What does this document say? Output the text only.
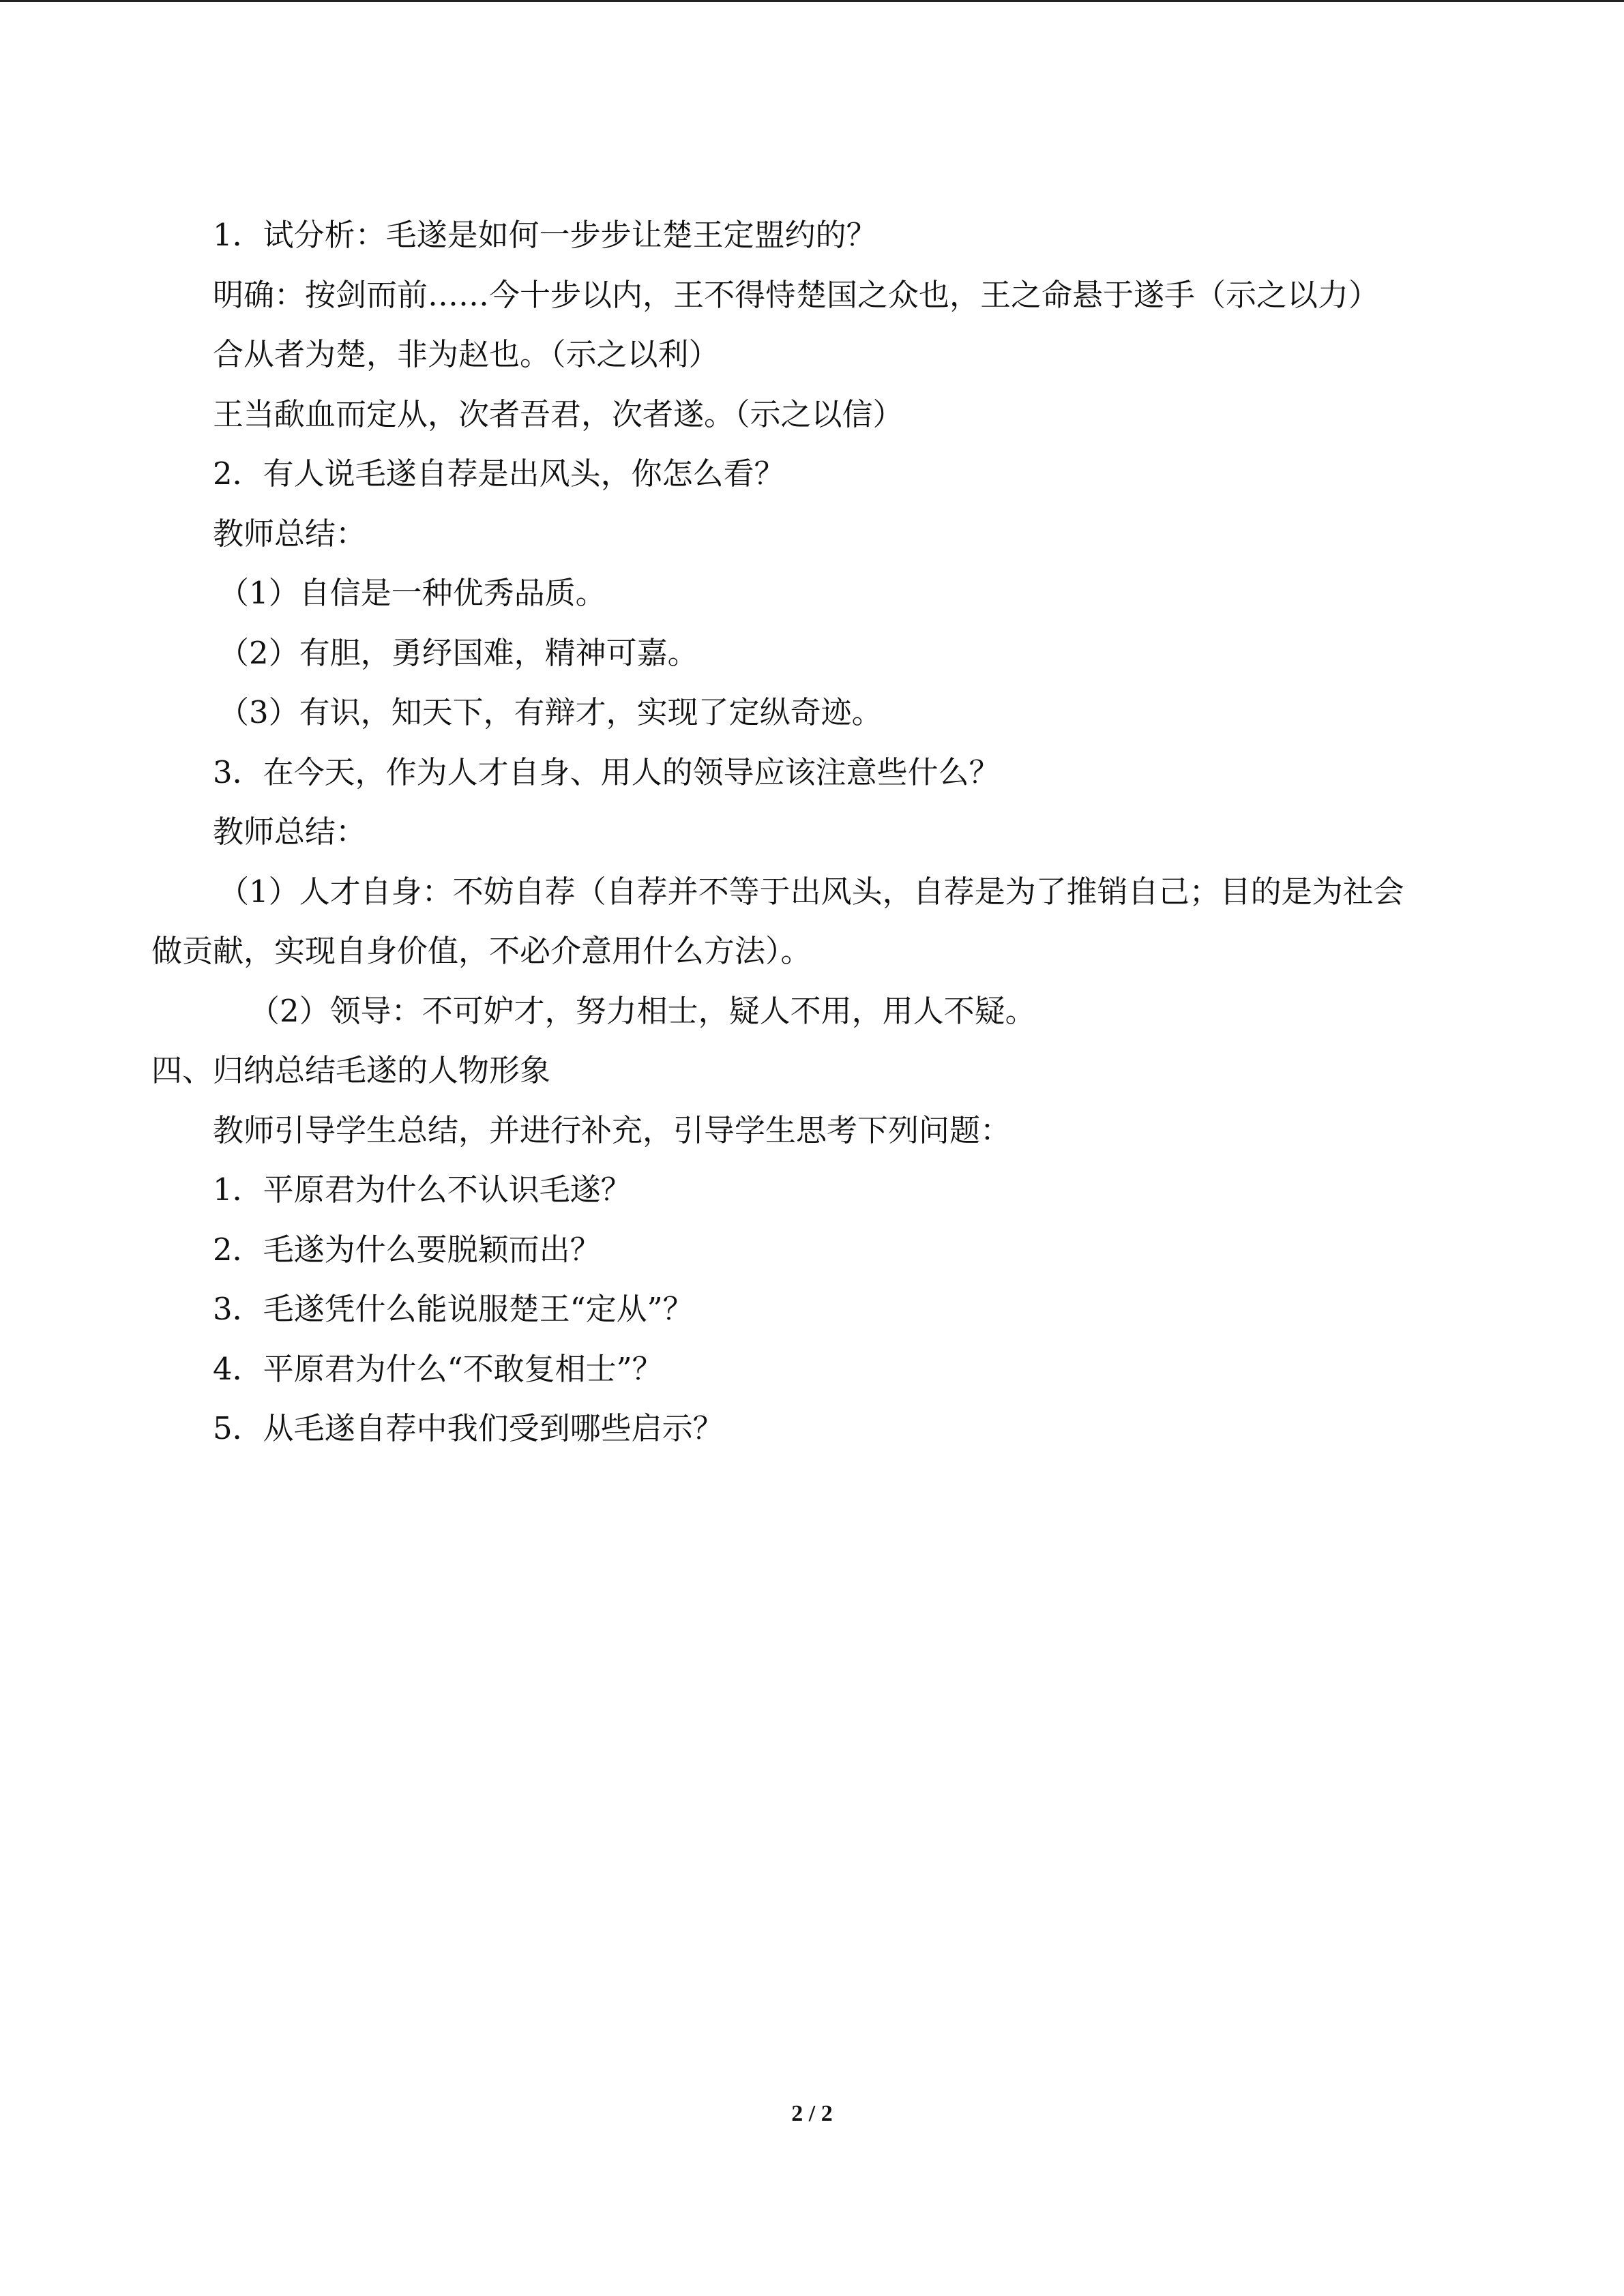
1．试分析：毛遂是如何一步步让楚王定盟约的？
明确：按剑而前……今十步以内，王不得恃楚国之众也，王之命悬于遂手（示之以力）
合从者为楚，非为赵也。（示之以利）
王当歃血而定从，次者吾君，次者遂。（示之以信）
2．有人说毛遂自荐是出风头，你怎么看？
教师总结：
（1）自信是一种优秀品质。
（2）有胆，勇纾国难，精神可嘉。
（3）有识，知天下，有辩才，实现了定纵奇迹。
3．在今天，作为人才自身、用人的领导应该注意些什么？
教师总结：
（1）人才自身：不妨自荐（自荐并不等于出风头，自荐是为了推销自己；目的是为社会
做贡献，实现自身价值，不必介意用什么方法）。
（2）领导：不可妒才，努力相士，疑人不用，用人不疑。
四、归纳总结毛遂的人物形象
教师引导学生总结，并进行补充，引导学生思考下列问题：
1．平原君为什么不认识毛遂？
2．毛遂为什么要脱颖而出？
3．毛遂凭什么能说服楚王“定从”？
4．平原君为什么“不敢复相士”？
5．从毛遂自荐中我们受到哪些启示？
2 / 2
